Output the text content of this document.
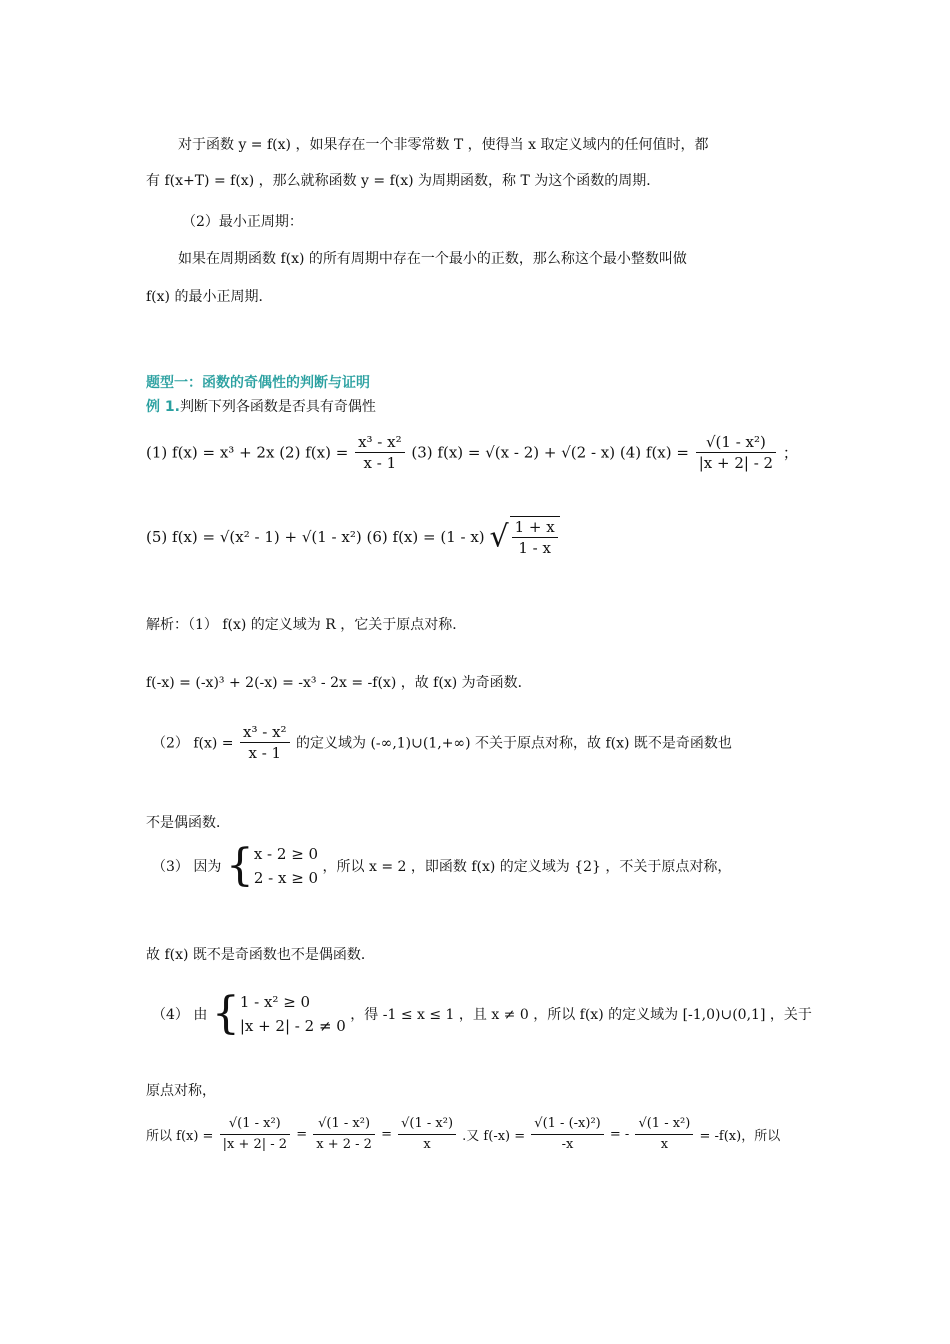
对于函数 y = f(x) ，如果存在一个非零常数 T ，使得当 x 取定义域内的任何值时，都
有 f(x+T) = f(x) ，那么就称函数 y = f(x) 为周期函数，称 T 为这个函数的周期．
（2）最小正周期：
如果在周期函数 f(x) 的所有周期中存在一个最小的正数，那么称这个最小整数叫做
f(x) 的最小正周期．
题型一：函数的奇偶性的判断与证明
例 1.判断下列各函数是否具有奇偶性
(1) f(x) = x³ + 2x (2) $f(x) = \frac{\text{x³ - x²}}{x - 1} (3) f(x) = √(x - 2) + √(2 - x)$ (4) $f(x) = \frac{\text{√(1 - x²)}}{|x + 2| - 2}$ ；
(5) f(x) = √(x² - 1) + √(1 - x²) (6) f(x) = (1 - x) √ $\frac{1 + x}{1 - x}$
解析：（1） f(x) 的定义域为 R ，它关于原点对称．
f(-x) = (-x)³ + 2(-x) = -x³ - 2x = -f(x) ，故 f(x) 为奇函数．
（2） $f(x) = \frac{\text{x³ - x²}}{x - 1}$ 的定义域为 (-∞,1)∪(1,+∞) 不关于原点对称，故 f(x) 既不是奇函数也
不是偶函数．
（3） 因为 { x - 2 ≥ 0
2 - x ≥ 0
，所以 x = 2 ，即函数 f(x) 的定义域为 {2} ，不关于原点对称，
故 f(x) 既不是奇函数也不是偶函数．
（4） 由 { 1 - x² ≥ 0
|x + 2| - 2 ≠ 0
，得 -1 ≤ x ≤ 1 ，且 x ≠ 0 ，所以 f(x) 的定义域为 [-1,0)∪(0,1] ，关于
原点对称，
所以 $f(x) = \frac{\text{√(1 - x²)}}{|x + 2| - 2} = \frac{\text{√(1 - x²)}}{x + 2 - 2} = \frac{\text{√(1 - x²)}}{x}$ .又 $f(-x) = \frac{\text{√(1 - (-x)²)}}{-x}$ = - $\frac{\text{√(1 - x²)}}{x} = -f(x)$，所以
